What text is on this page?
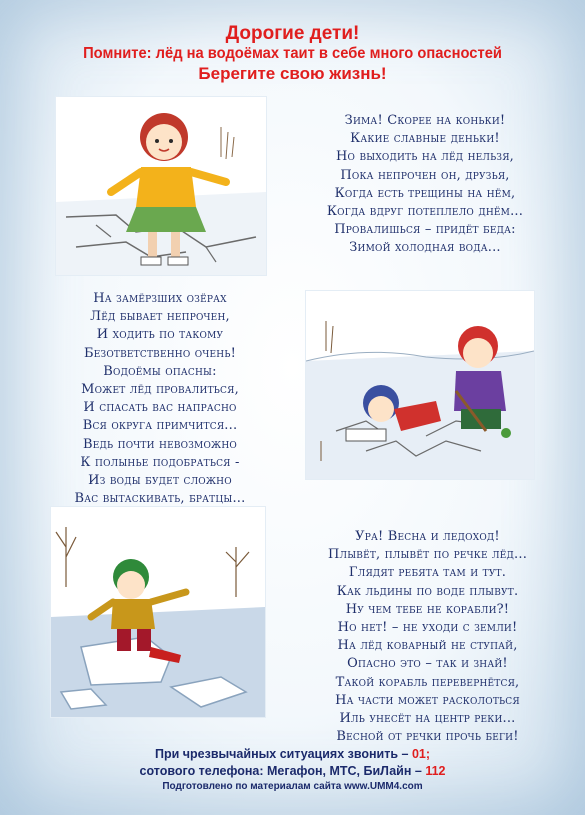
Дорогие дети!
Помните: лёд на водоёмах таит в себе много опасностей
Берегите свою жизнь!
Зима! Скорее на коньки!
Какие славные деньки!
Но выходить на лёд нельзя,
Пока непрочен он, друзья,
Когда есть трещины на нём,
Когда вдруг потеплело днём...
Провалишься – придёт беда:
Зимой холодная вода...
На замёрзших озёрах
Лёд бывает непрочен,
И ходить по такому
Безответственно очень!
Водоёмы опасны:
Может лёд провалиться,
И спасать вас напрасно
Вся округа примчится...
Ведь почти невозможно
К полынье подобраться -
Из воды будет сложно
Вас вытаскивать, братцы...
Ура! Весна и ледоход!
Плывёт, плывёт по речке лёд...
Глядят ребята там и тут.
Как льдины по воде плывут.
Ну чем тебе не корабли?!
Но нет! – не уходи с земли!
На лёд коварный не ступай,
Опасно это – так и знай!
Такой корабль перевернётся,
На части может расколоться
Иль унесёт на центр реки...
Весной от речки прочь беги!
При чрезвычайных ситуациях звонить – 01;
сотового телефона: Мегафон, МТС, БиЛайн – 112
Подготовлено по материалам сайта www.UMM4.com
